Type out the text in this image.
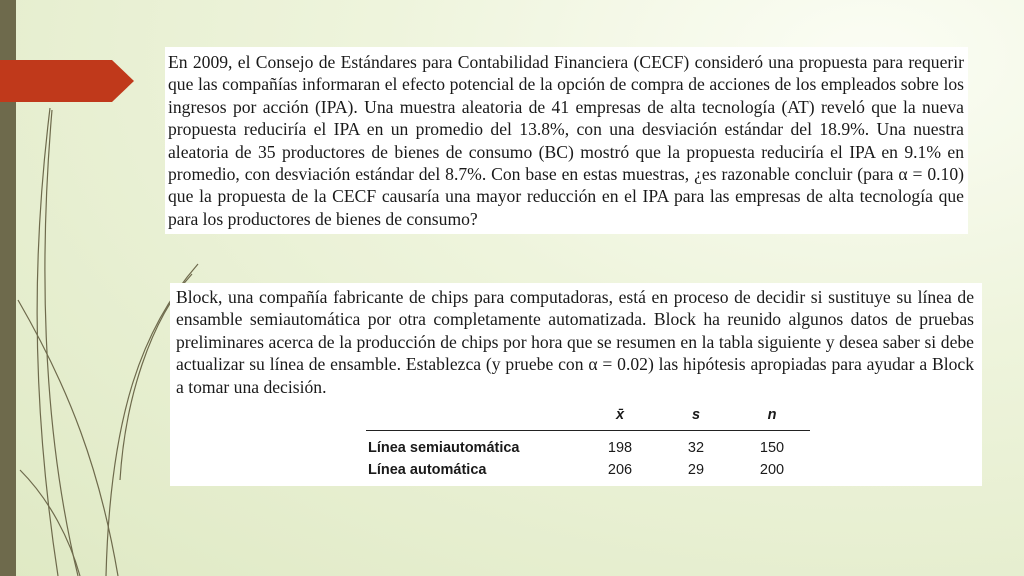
En 2009, el Consejo de Estándares para Contabilidad Financiera (CECF) consideró una propuesta para requerir que las compañías informaran el efecto potencial de la opción de compra de acciones de los empleados sobre los ingresos por acción (IPA). Una muestra aleatoria de 41 empresas de alta tecnología (AT) reveló que la nueva propuesta reduciría el IPA en un promedio del 13.8%, con una desviación estándar del 18.9%. Una nuestra aleatoria de 35 productores de bienes de consumo (BC) mostró que la propuesta reduciría el IPA en 9.1% en promedio, con desviación estándar del 8.7%. Con base en estas muestras, ¿es razonable concluir (para α = 0.10) que la propuesta de la CECF causaría una mayor reducción en el IPA para las empresas de alta tecnología que para los productores de bienes de consumo?

Block, una compañía fabricante de chips para computadoras, está en proceso de decidir si sustituye su línea de ensamble semiautomática por otra completamente automatizada. Block ha reunido algunos datos de pruebas preliminares acerca de la producción de chips por hora que se resumen en la tabla siguiente y desea saber si debe actualizar su línea de ensamble. Establezca (y pruebe con α = 0.02) las hipótesis apropiadas para ayudar a Block a tomar una decisión.

	x̄	s	n
Línea semiautomática	198	32	150
Línea automática	206	29	200
